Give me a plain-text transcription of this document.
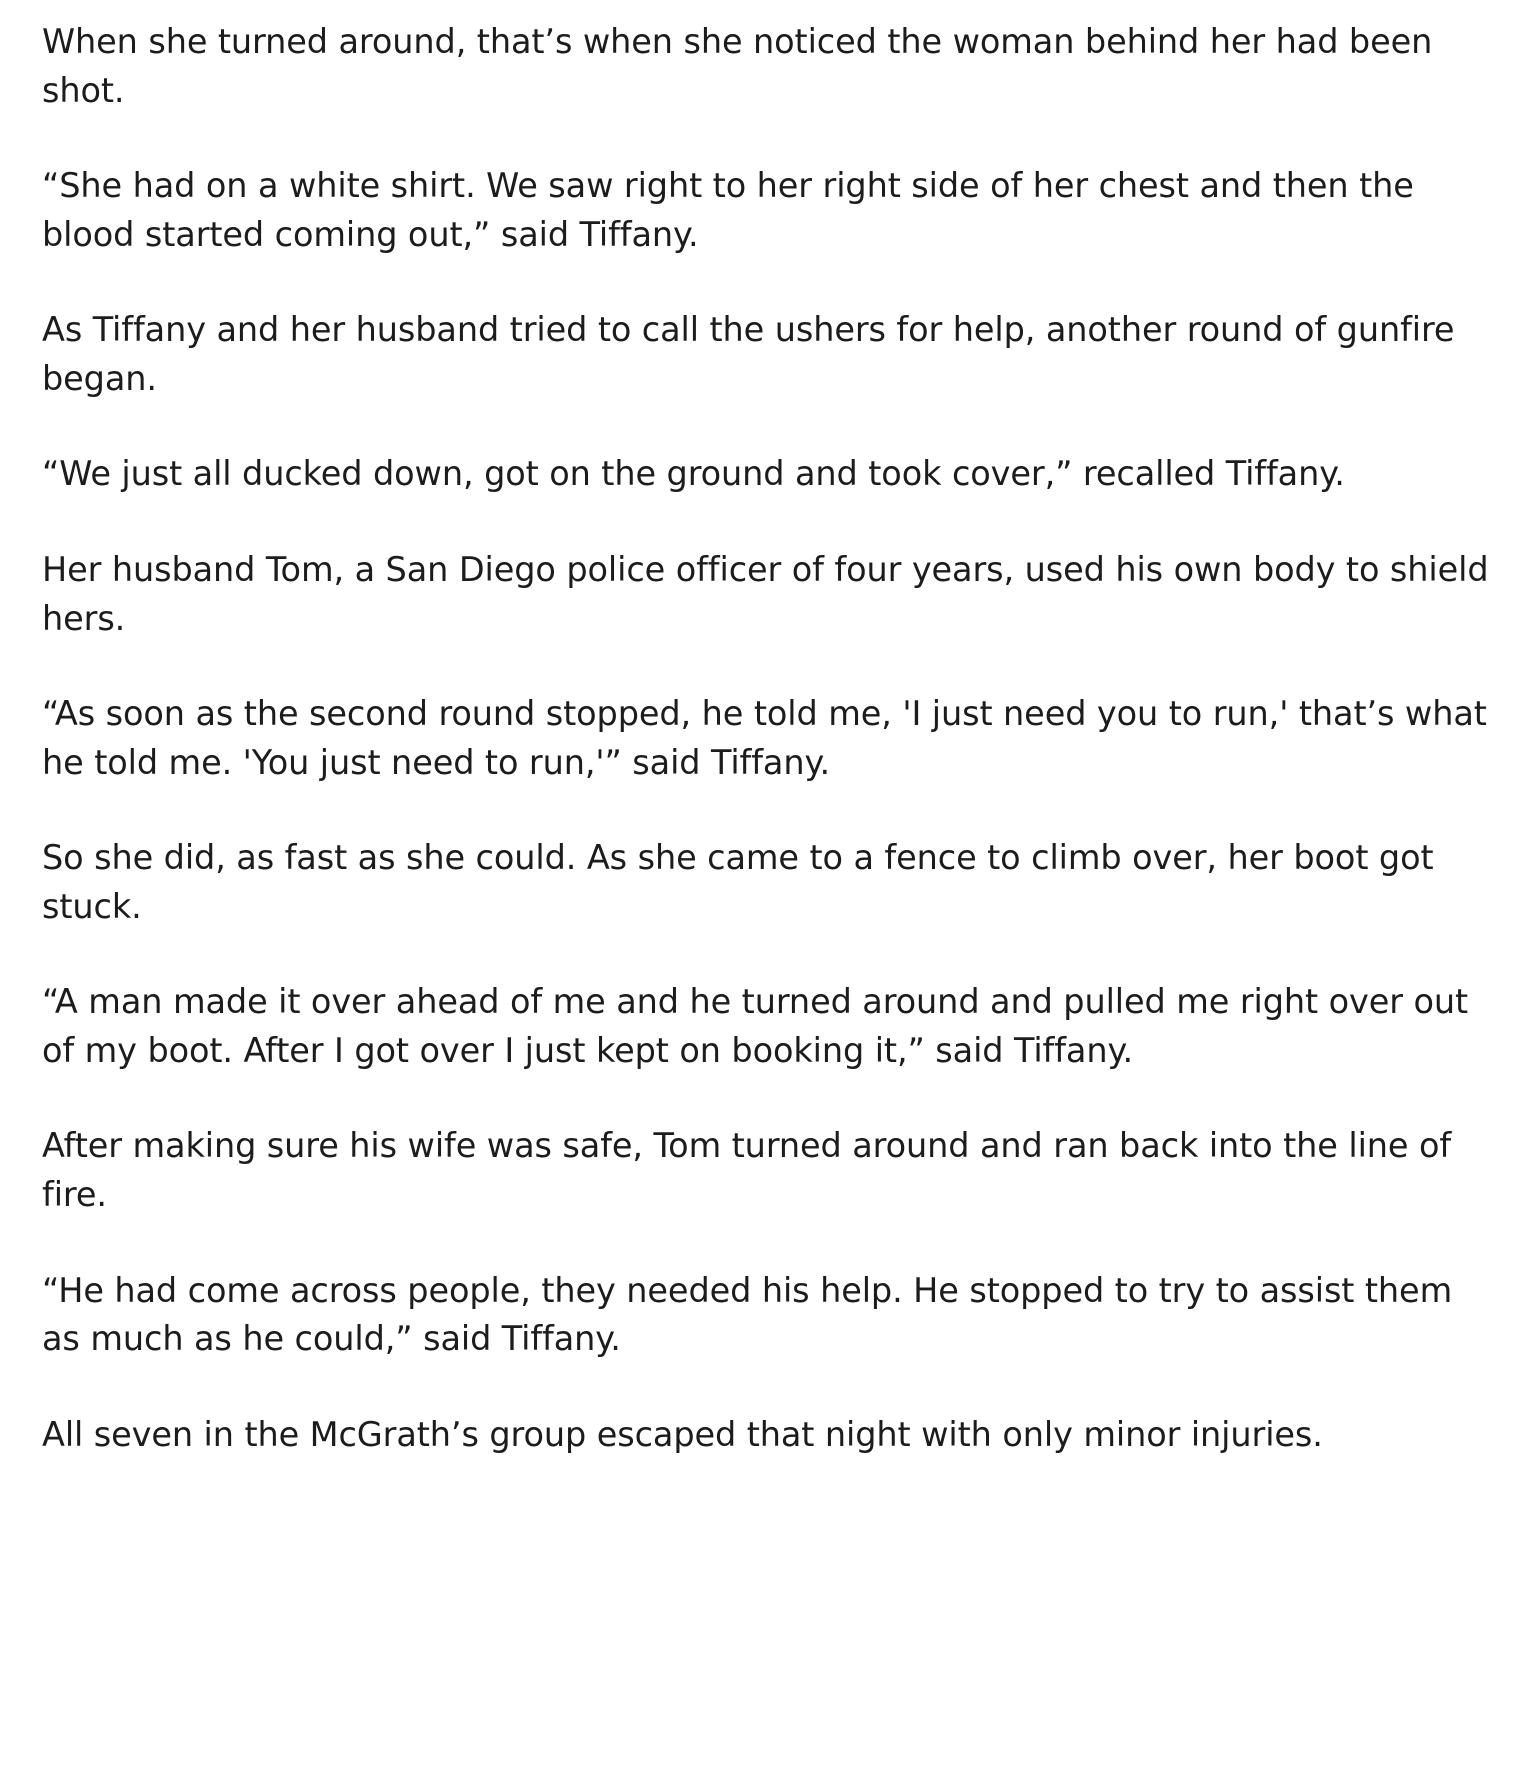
When she turned around, that’s when she noticed the woman behind her had been shot.

“She had on a white shirt. We saw right to her right side of her chest and then the blood started coming out,” said Tiffany.

As Tiffany and her husband tried to call the ushers for help, another round of gunfire began.

“We just all ducked down, got on the ground and took cover,” recalled Tiffany.

Her husband Tom, a San Diego police officer of four years, used his own body to shield hers.

“As soon as the second round stopped, he told me, 'I just need you to run,' that’s what he told me. 'You just need to run,'” said Tiffany.

So she did, as fast as she could. As she came to a fence to climb over, her boot got stuck.

“A man made it over ahead of me and he turned around and pulled me right over out of my boot. After I got over I just kept on booking it,” said Tiffany.

After making sure his wife was safe, Tom turned around and ran back into the line of fire.

“He had come across people, they needed his help. He stopped to try to assist them as much as he could,” said Tiffany.

All seven in the McGrath’s group escaped that night with only minor injuries.
